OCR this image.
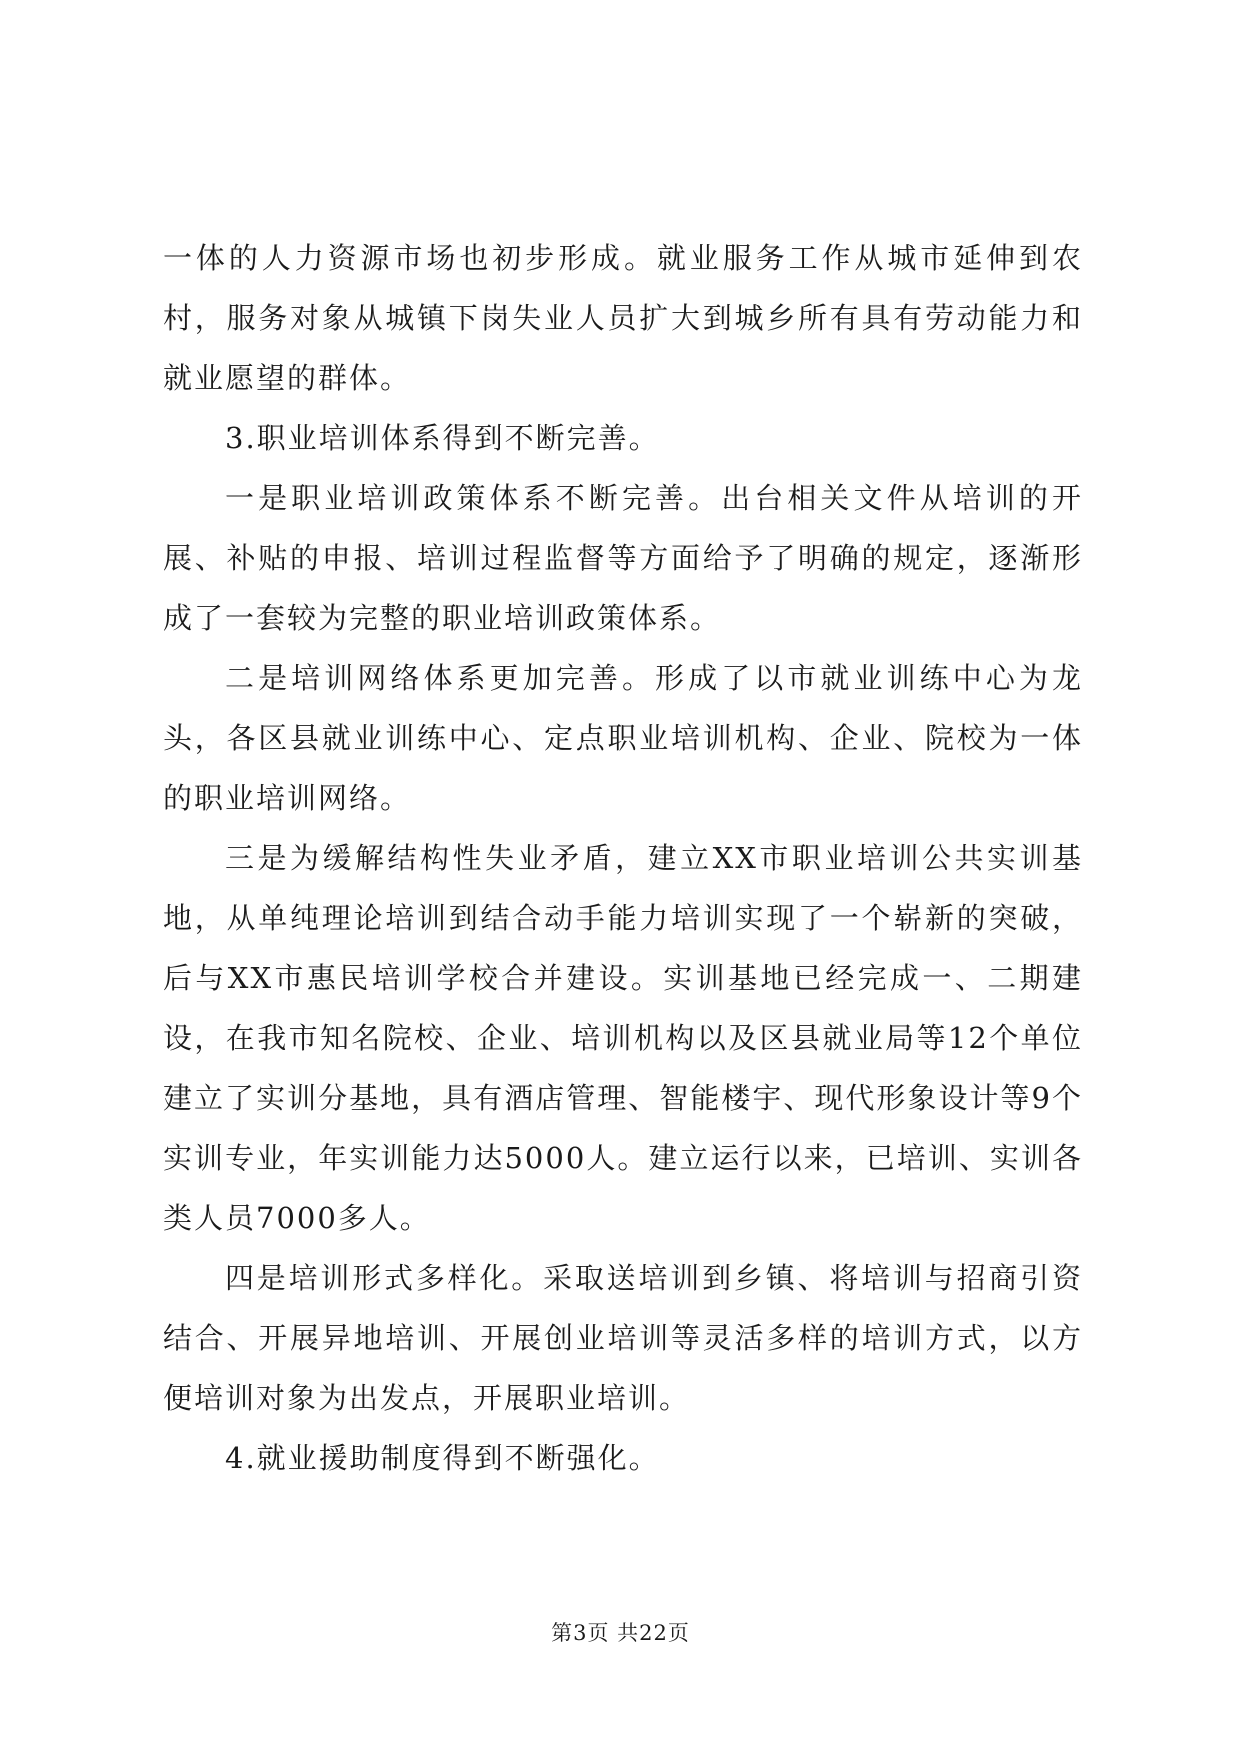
一体的人力资源市场也初步形成。就业服务工作从城市延伸到农村，服务对象从城镇下岗失业人员扩大到城乡所有具有劳动能力和就业愿望的群体。

3.职业培训体系得到不断完善。

一是职业培训政策体系不断完善。出台相关文件从培训的开展、补贴的申报、培训过程监督等方面给予了明确的规定，逐渐形成了一套较为完整的职业培训政策体系。

二是培训网络体系更加完善。形成了以市就业训练中心为龙头，各区县就业训练中心、定点职业培训机构、企业、院校为一体的职业培训网络。

三是为缓解结构性失业矛盾，建立XX市职业培训公共实训基地，从单纯理论培训到结合动手能力培训实现了一个崭新的突破，后与XX市惠民培训学校合并建设。实训基地已经完成一、二期建设，在我市知名院校、企业、培训机构以及区县就业局等12个单位建立了实训分基地，具有酒店管理、智能楼宇、现代形象设计等9个实训专业，年实训能力达5000人。建立运行以来，已培训、实训各类人员7000多人。

四是培训形式多样化。采取送培训到乡镇、将培训与招商引资结合、开展异地培训、开展创业培训等灵活多样的培训方式，以方便培训对象为出发点，开展职业培训。

4.就业援助制度得到不断强化。

第3页 共22页
